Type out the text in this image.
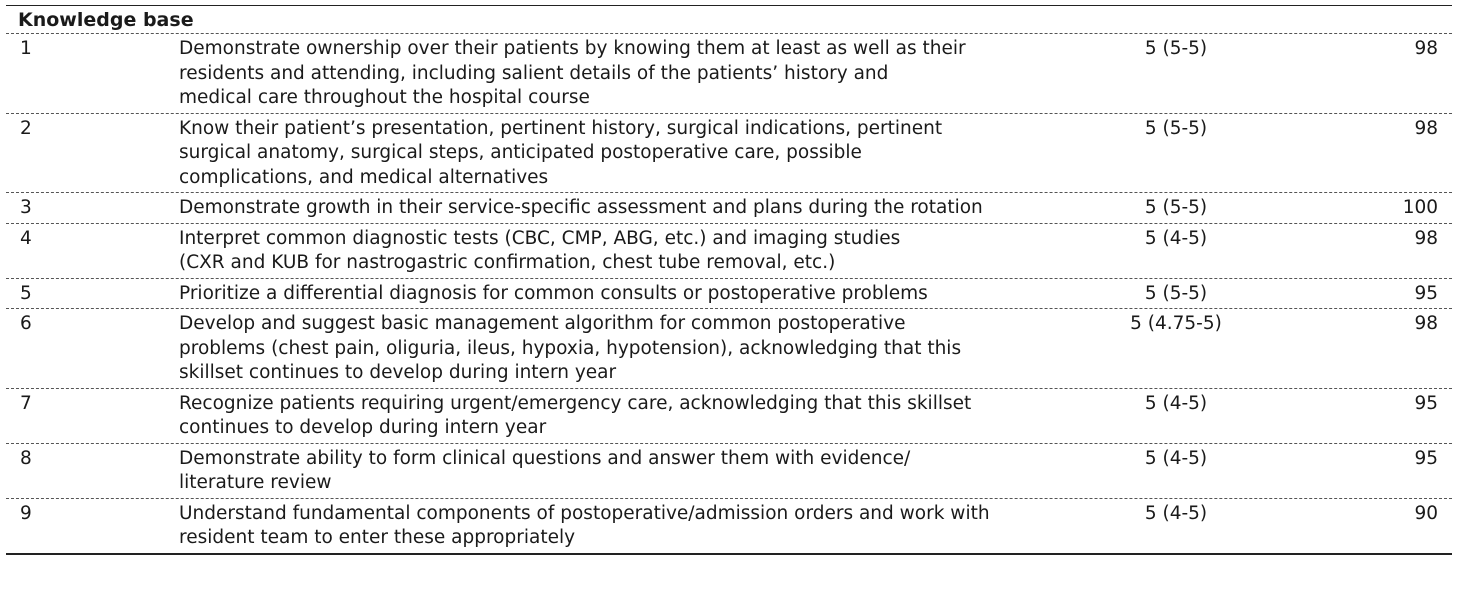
Knowledge base
1	Demonstrate ownership over their patients by knowing them at least as well as their
residents and attending, including salient details of the patients’ history and
medical care throughout the hospital course
5 (5-5)	98
2	Know their patient’s presentation, pertinent history, surgical indications, pertinent
surgical anatomy, surgical steps, anticipated postoperative care, possible
complications, and medical alternatives
5 (5-5)	98
3	Demonstrate growth in their service-specific assessment and plans during the rotation	5 (5-5)	100
4	Interpret common diagnostic tests (CBC, CMP, ABG, etc.) and imaging studies
(CXR and KUB for nastrogastric confirmation, chest tube removal, etc.)
5 (4-5)	98
5	Prioritize a differential diagnosis for common consults or postoperative problems	5 (5-5)	95
6	Develop and suggest basic management algorithm for common postoperative
problems (chest pain, oliguria, ileus, hypoxia, hypotension), acknowledging that this
skillset continues to develop during intern year
5 (4.75-5)	98
7	Recognize patients requiring urgent/emergency care, acknowledging that this skillset
continues to develop during intern year
5 (4-5)	95
8	Demonstrate ability to form clinical questions and answer them with evidence/
literature review
5 (4-5)	95
9	Understand fundamental components of postoperative/admission orders and work with
resident team to enter these appropriately
5 (4-5)	90
